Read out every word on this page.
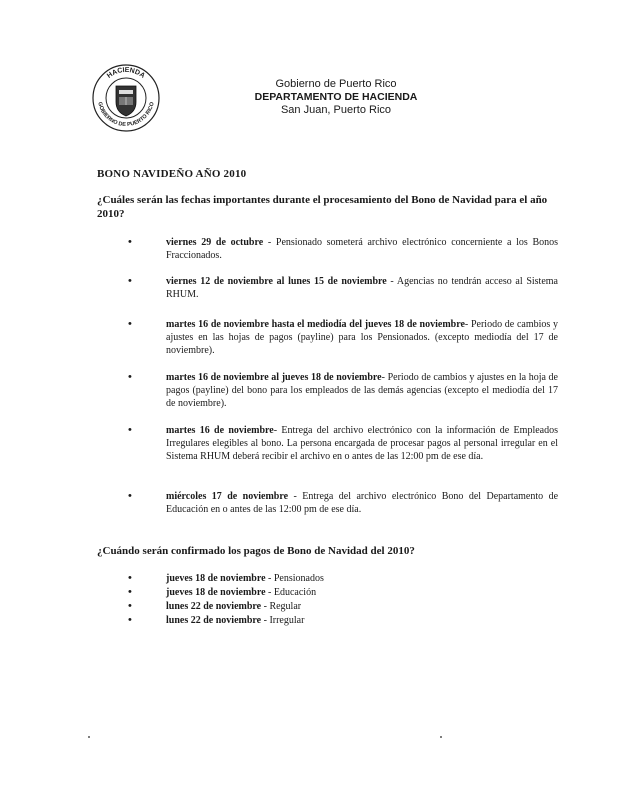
HACIENDA
GOBIERNO DE PUERTO RICO
Gobierno de Puerto Rico
DEPARTAMENTO DE HACIENDA
San Juan, Puerto Rico
BONO NAVIDEÑO AÑO 2010
¿Cuáles serán las fechas importantes durante el procesamiento del Bono de Navidad para el año 2010?
•	viernes 29 de octubre - Pensionado someterá archivo electrónico concerniente a los Bonos Fraccionados.
•	viernes 12 de noviembre al lunes 15 de noviembre - Agencias no tendrán acceso al Sistema RHUM.
•	martes 16 de noviembre hasta el mediodía del jueves 18 de noviembre- Periodo de cambios y ajustes en las hojas de pagos (payline) para los Pensionados. (excepto mediodía del 17 de noviembre).
•	martes 16 de noviembre al jueves 18 de noviembre- Periodo de cambios y ajustes en la hoja de pagos (payline) del bono para los empleados de las demás agencias (excepto el mediodía del 17 de noviembre).
•	martes 16 de noviembre- Entrega del archivo electrónico con la información de Empleados Irregulares elegibles al bono. La persona encargada de procesar pagos al personal irregular en el Sistema RHUM deberá recibir el archivo en o antes de las 12:00 pm de ese día.
•	miércoles 17 de noviembre - Entrega del archivo electrónico Bono del Departamento de Educación en o antes de las 12:00 pm de ese día.
¿Cuándo serán confirmado los pagos de Bono de Navidad del 2010?
•	jueves 18 de noviembre - Pensionados
•	jueves 18 de noviembre - Educación
•	lunes 22 de noviembre - Regular
•	lunes 22 de noviembre - Irregular
